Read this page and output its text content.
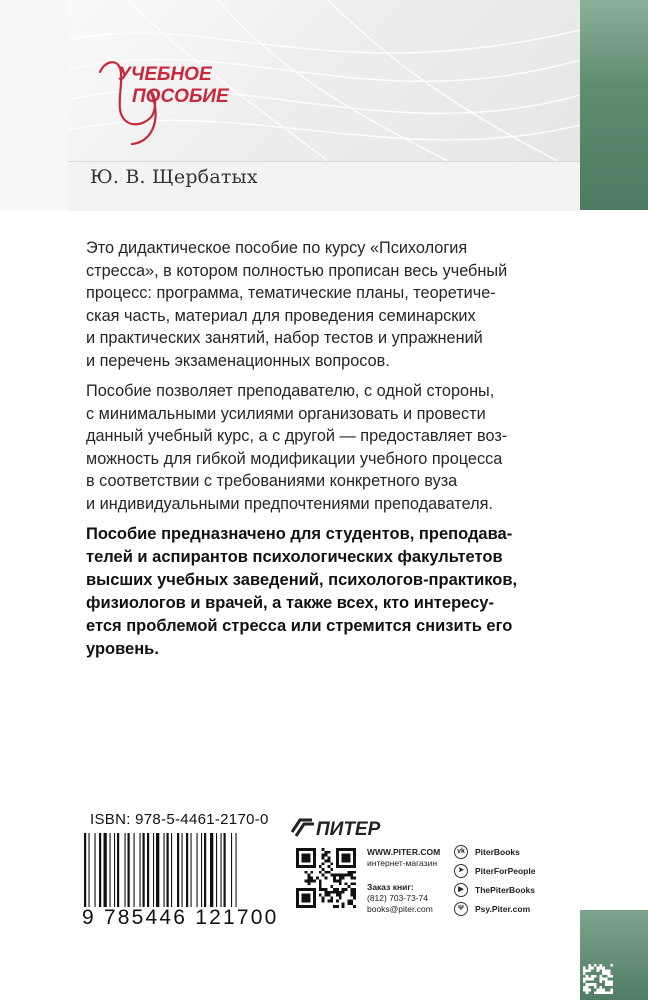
УЧЕБНОЕ
ПОСОБИЕ
Ю. В. Щербатых

Это дидактическое пособие по курсу «Психология
стресса», в котором полностью прописан весь учебный
процесс: программа, тематические планы, теоретиче-
ская часть, материал для проведения семинарских
и практических занятий, набор тестов и упражнений
и перечень экзаменационных вопросов.

Пособие позволяет преподавателю, с одной стороны,
с минимальными усилиями организовать и провести
данный учебный курс, а с другой — предоставляет воз-
можность для гибкой модификации учебного процесса
в соответствии с требованиями конкретного вуза
и индивидуальными предпочтениями преподавателя.

Пособие предназначено для студентов, преподава-
телей и аспирантов психологических факультетов
высших учебных заведений, психологов-практиков,
физиологов и врачей, а также всех, кто интересу-
ется проблемой стресса или стремится снизить его
уровень.

ISBN: 978-5-4461-2170-0
9 785446 121700
ПИТЕР
WWW.PITER.COM
интернет-магазин
Заказ книг:
(812) 703-73-74
books@piter.com
vk	PiterBooks
➤	PiterForPeople
▶	ThePiterBooks
Ψ	Psy.Piter.com
